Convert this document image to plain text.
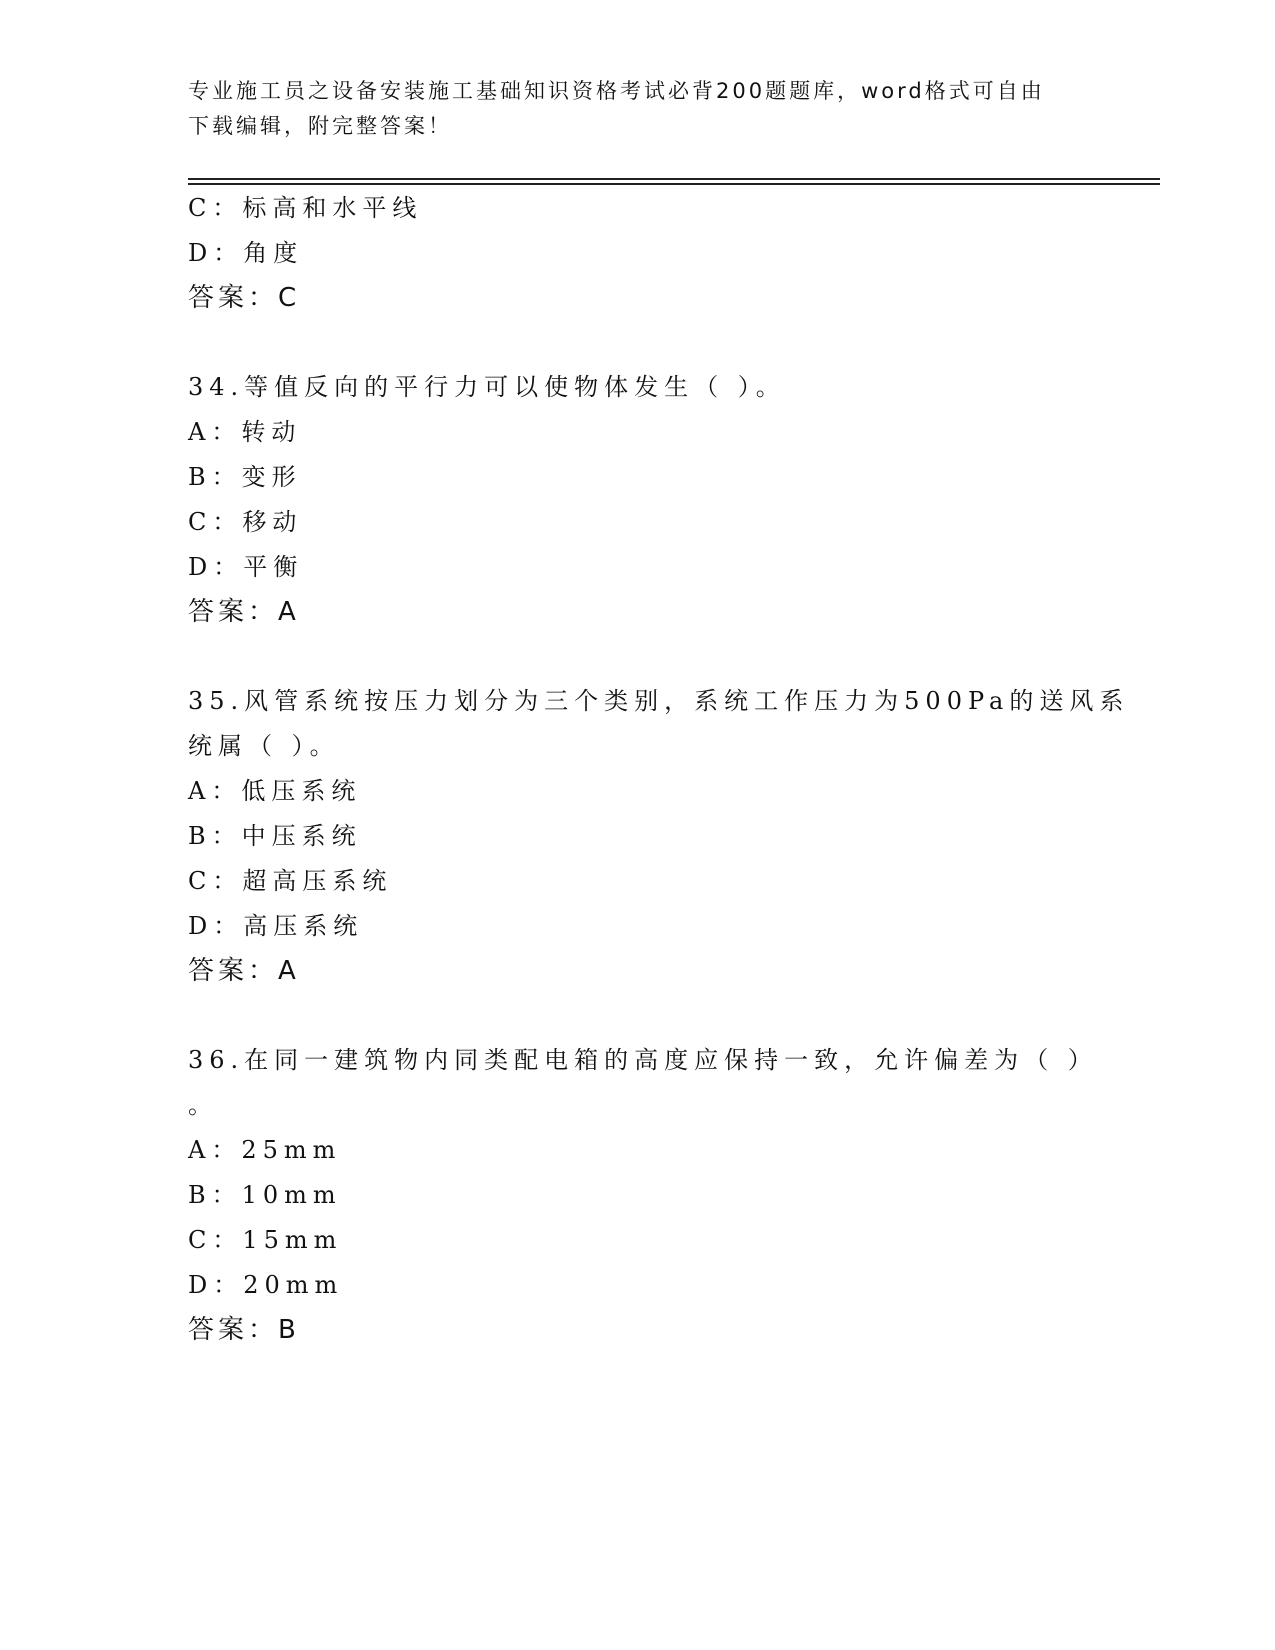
专业施工员之设备安装施工基础知识资格考试必背200题题库，word格式可自由
下载编辑，附完整答案！
C：标高和水平线
D：角度
答案：C
34.等值反向的平行力可以使物体发生（ ）。
A：转动
B：变形
C：移动
D：平衡
答案：A
35.风管系统按压力划分为三个类别，系统工作压力为500Pa的送风系
统属（ ）。
A：低压系统
B：中压系统
C：超高压系统
D：高压系统
答案：A
36.在同一建筑物内同类配电箱的高度应保持一致，允许偏差为（ ）
。
A：25mm
B：10mm
C：15mm
D：20mm
答案：B
